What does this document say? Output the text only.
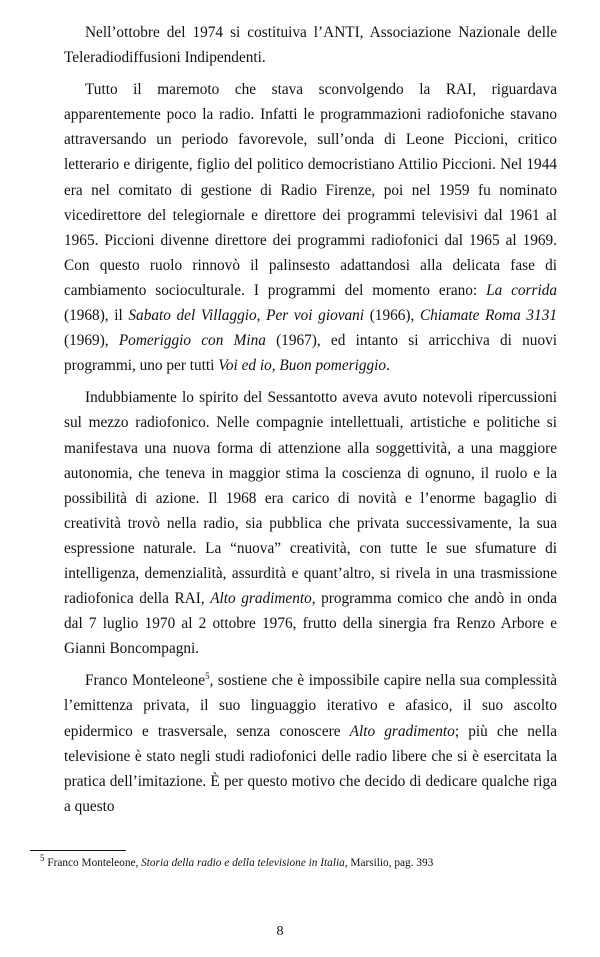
Nell’ottobre del 1974 si costituiva l’ANTI, Associazione Nazionale delle Teleradiodiffusioni Indipendenti.

Tutto il maremoto che stava sconvolgendo la RAI, riguardava apparentemente poco la radio. Infatti le programmazioni radiofoniche stavano attraversando un periodo favorevole, sull’onda di Leone Piccioni, critico letterario e dirigente, figlio del politico democristiano Attilio Piccioni. Nel 1944 era nel comitato di gestione di Radio Firenze, poi nel 1959 fu nominato vicedirettore del telegiornale e direttore dei programmi televisivi dal 1961 al 1965. Piccioni divenne direttore dei programmi radiofonici dal 1965 al 1969. Con questo ruolo rinnovò il palinsesto adattandosi alla delicata fase di cambiamento socioculturale. I programmi del momento erano: La corrida (1968), il Sabato del Villaggio, Per voi giovani (1966), Chiamate Roma 3131 (1969), Pomeriggio con Mina (1967), ed intanto si arricchiva di nuovi programmi, uno per tutti Voi ed io, Buon pomeriggio.

Indubbiamente lo spirito del Sessantotto aveva avuto notevoli ripercussioni sul mezzo radiofonico. Nelle compagnie intellettuali, artistiche e politiche si manifestava una nuova forma di attenzione alla soggettività, a una maggiore autonomia, che teneva in maggior stima la coscienza di ognuno, il ruolo e la possibilità di azione. Il 1968 era carico di novità e l’enorme bagaglio di creatività trovò nella radio, sia pubblica che privata successivamente, la sua espressione naturale. La “nuova” creatività, con tutte le sue sfumature di intelligenza, demenzialità, assurdità e quant’altro, si rivela in una trasmissione radiofonica della RAI, Alto gradimento, programma comico che andò in onda dal 7 luglio 1970 al 2 ottobre 1976, frutto della sinergia fra Renzo Arbore e Gianni Boncompagni.

Franco Monteleone$^5$, sostiene che è impossibile capire nella sua complessità l’emittenza privata, il suo linguaggio iterativo e afasico, il suo ascolto epidermico e trasversale, senza conoscere Alto gradimento; più che nella televisione è stato negli studi radiofonici delle radio libere che si è esercitata la pratica dell’imitazione. È per questo motivo che decido di dedicare qualche riga a questo

$^5$ Franco Monteleone, Storia della radio e della televisione in Italia, Marsilio, pag. 393
8
